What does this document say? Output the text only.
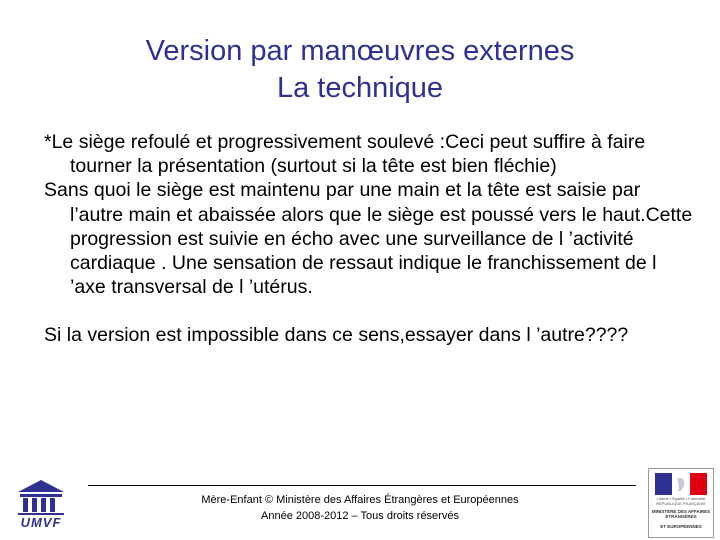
Version par manœuvres externes
La technique

*Le siège refoulé et progressivement soulevé :Ceci peut suffire à faire tourner la présentation (surtout si la tête est bien fléchie)

Sans quoi le siège est maintenu par une main et la tête est saisie par l’autre main et abaissée alors que le siège est poussé vers le haut.Cette progression est suivie en écho avec une surveillance de l ’activité cardiaque . Une sensation de ressaut indique le franchissement de l ’axe transversal de l ’utérus.

Si la version est impossible dans ce sens,essayer dans l ’autre????

Mère-Enfant © Ministère des Affaires Étrangères et Européennes
Année 2008-2012 – Tous droits réservés
UMVF
Liberté • Égalité • Fraternité RÉPUBLIQUE FRANÇAISE
MINISTÈRE DES AFFAIRES ÉTRANGÈRES
ET EUROPÉENNES
